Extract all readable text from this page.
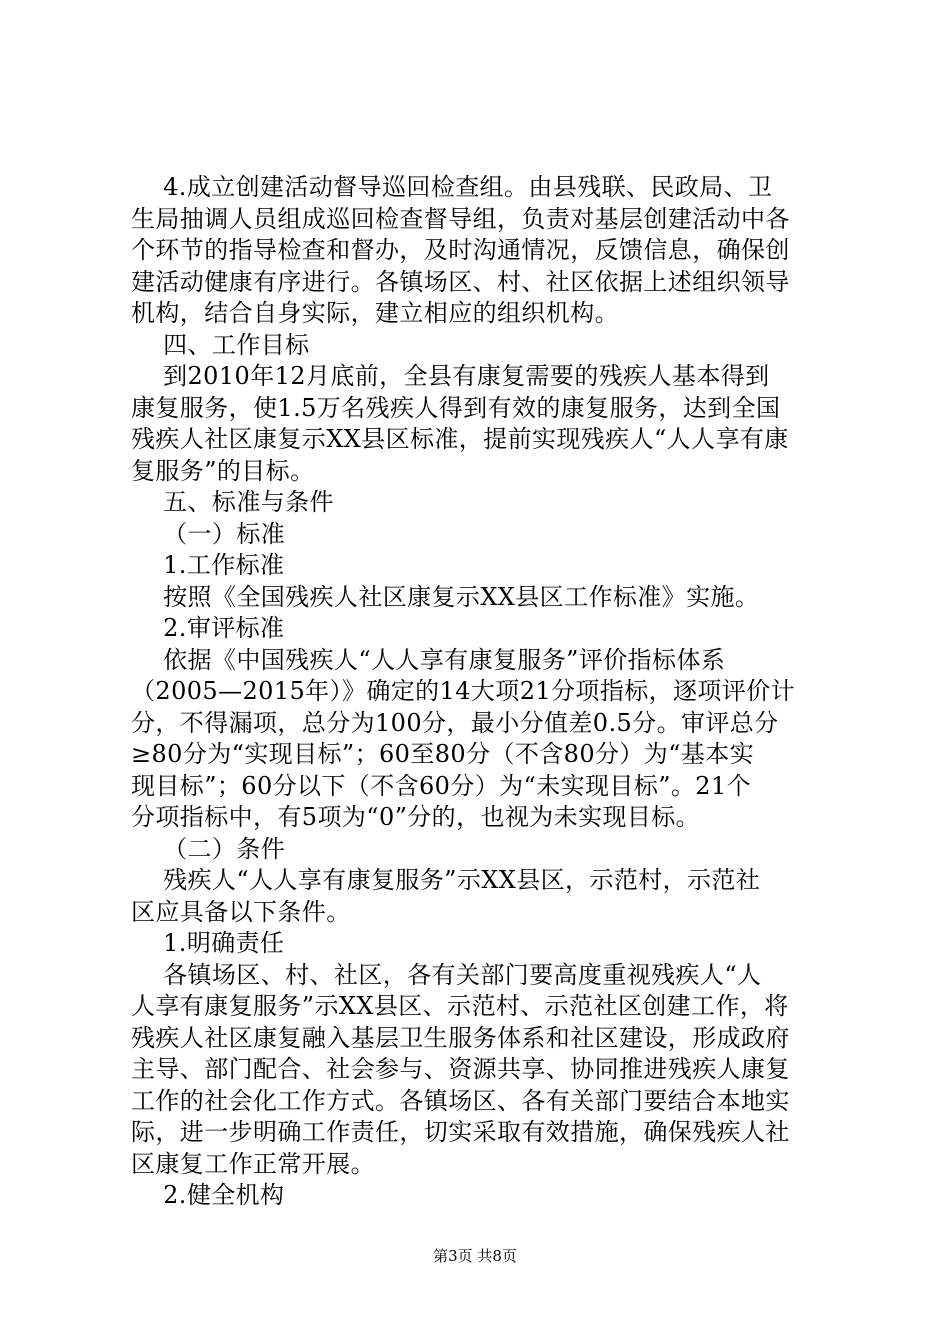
4.成立创建活动督导巡回检查组。由县残联、民政局、卫
生局抽调人员组成巡回检查督导组，负责对基层创建活动中各
个环节的指导检查和督办，及时沟通情况，反馈信息，确保创
建活动健康有序进行。各镇场区、村、社区依据上述组织领导
机构，结合自身实际，建立相应的组织机构。
四、工作目标
到2010年12月底前，全县有康复需要的残疾人基本得到
康复服务，使1.5万名残疾人得到有效的康复服务，达到全国
残疾人社区康复示XX县区标准，提前实现残疾人“人人享有康
复服务”的目标。
五、标准与条件
（一）标准
1.工作标准
按照《全国残疾人社区康复示XX县区工作标准》实施。
2.审评标准
依据《中国残疾人“人人享有康复服务”评价指标体系
（2005—2015年）》确定的14大项21分项指标，逐项评价计
分，不得漏项，总分为100分，最小分值差0.5分。审评总分
≥80分为“实现目标”；60至80分（不含80分）为“基本实
现目标”；60分以下（不含60分）为“未实现目标”。21个
分项指标中，有5项为“0”分的，也视为未实现目标。
（二）条件
残疾人“人人享有康复服务”示XX县区，示范村，示范社
区应具备以下条件。
1.明确责任
各镇场区、村、社区，各有关部门要高度重视残疾人“人
人享有康复服务”示XX县区、示范村、示范社区创建工作，将
残疾人社区康复融入基层卫生服务体系和社区建设，形成政府
主导、部门配合、社会参与、资源共享、协同推进残疾人康复
工作的社会化工作方式。各镇场区、各有关部门要结合本地实
际，进一步明确工作责任，切实采取有效措施，确保残疾人社
区康复工作正常开展。
2.健全机构
第3页 共8页
